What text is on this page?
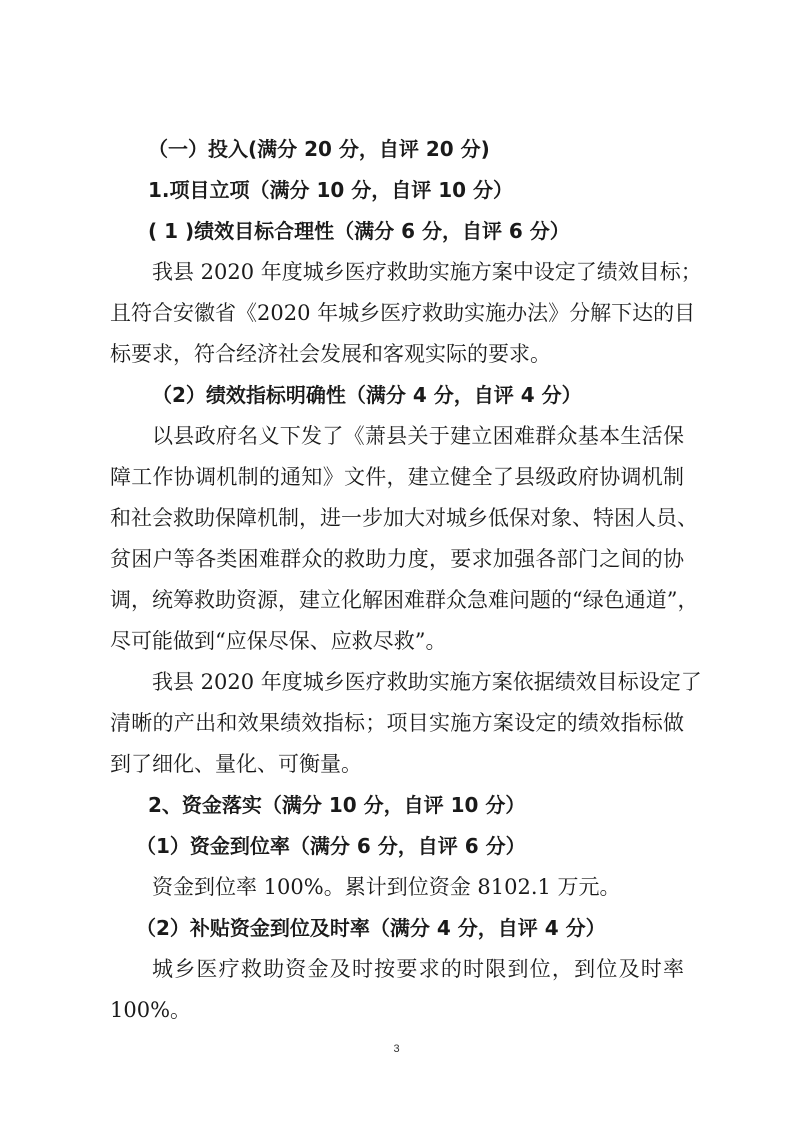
（一）投入(满分 20 分，自评 20 分)
1.项目立项（满分 10 分，自评 10 分）
( 1 )绩效目标合理性（满分 6 分，自评 6 分）
我县 2020 年度城乡医疗救助实施方案中设定了绩效目标；
且符合安徽省《2020 年城乡医疗救助实施办法》分解下达的目
标要求，符合经济社会发展和客观实际的要求。
（2）绩效指标明确性（满分 4 分，自评 4 分）
以县政府名义下发了《萧县关于建立困难群众基本生活保
障工作协调机制的通知》文件，建立健全了县级政府协调机制
和社会救助保障机制，进一步加大对城乡低保对象、特困人员、
贫困户等各类困难群众的救助力度，要求加强各部门之间的协
调，统筹救助资源，建立化解困难群众急难问题的“绿色通道”，
尽可能做到“应保尽保、应救尽救”。
我县 2020 年度城乡医疗救助实施方案依据绩效目标设定了
清晰的产出和效果绩效指标；项目实施方案设定的绩效指标做
到了细化、量化、可衡量。
2、资金落实（满分 10 分，自评 10 分）
（1）资金到位率（满分 6 分，自评 6 分）
资金到位率 100%。累计到位资金 8102.1 万元。
（2）补贴资金到位及时率（满分 4 分，自评 4 分）
城乡医疗救助资金及时按要求的时限到位，到位及时率
100%。
3
